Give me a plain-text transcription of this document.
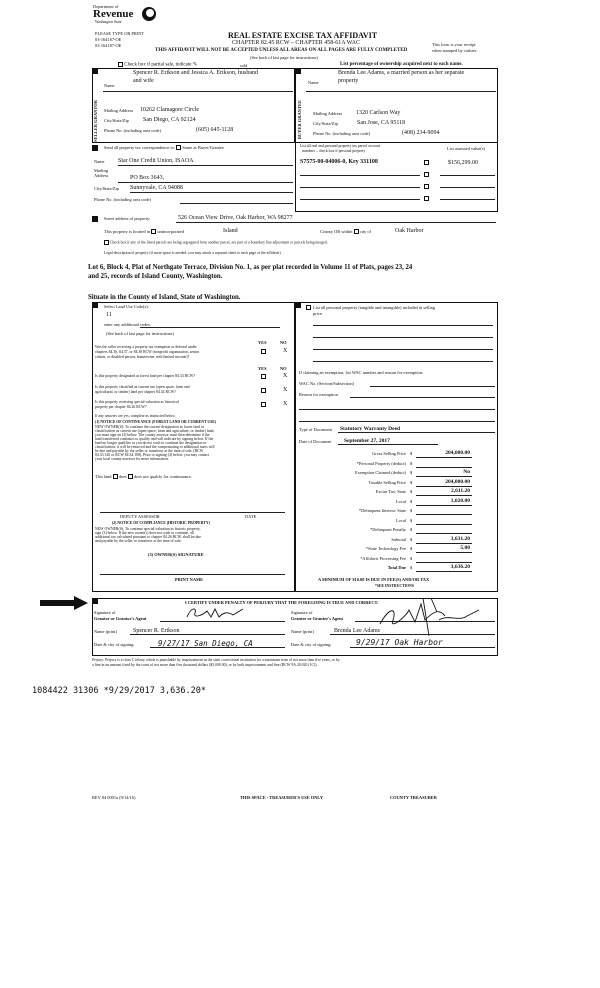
Department of
Revenue
Washington State
PLEASE TYPE OR PRINT
03-164187-OE
03-164187-OE
REAL ESTATE EXCISE TAX AFFIDAVIT
CHAPTER 82.45 RCW – CHAPTER 458-61A WAC
THIS AFFIDAVIT WILL NOT BE ACCEPTED UNLESS ALL AREAS ON ALL PAGES ARE FULLY COMPLETED
(See back of last page for instructions)
This form is your receipt
when stamped by cashier.
Check box if partial sale, indicate %	sold
SELLER GRANTOR
Name
Spencer R. Erikson and Jessica A. Erikson, husband
and wife
Mailing Address 10262 Clamagore Circle
City/State/Zip San Diego, CA 92124
Phone No. (including area code)	(605) 645-1128
List percentage of ownership acquired next to each name.
BUYER GRANTEE
Name
Brenda Lee Adams, a married person as her separate
property
Mailing Address 1320 Carlson Way
City/State/Zip	San Jose, CA 95118
Phone No. (including area code)	(408) 234-9094
Send all property tax correspondence to: Same as Buyer/Grantee
Name Star One Credit Union, ISAOA
Mailing Address	PO Box 3643,
City/State/Zip Sunnyvale, CA 94088
Phone No. (including area code)
List all real and personal property tax parcel account
numbers – check box if personal property	List assessed value(s)
S7575-00-04006-0, Key 331108	$156,299.00
Street address of property:	526 Ocean View Drive, Oak Harbor, WA 98277
This property is located in unincorporated	Island	County OR within city of	Oak Harbor
Check box if any of the listed parcels are being segregated from another parcel, are part of a boundary line adjustment or parcels being merged.
Legal description of property (if more space is needed, you may attach a separate sheet to each page of the affidavit)
Lot 6, Block 4, Plat of Northgate Terrace, Division No. 1, as per plat recorded in Volume 11 of Plats, pages 23, 24
and 25, records of Island County, Washington.
Situate in the County of Island, State of Washington.
Select Land Use Code(s):
11
enter any additional codes:
(See back of last page for instructions)
YES	NO
Was the seller receiving a property tax exemption or deferral under
chapters 84.36, 84.37, or 84.38 RCW (nonprofit organization, senior
citizen, or disabled person, homeowner with limited income)?
X
YES	NO
Is this property designated as forest land per chapter 84.33 RCW?	X
Is this property classified as current use (open space, farm and
agricultural, or timber) land per chapter 84.34 RCW?	X
Is this property receiving special valuation as historical
property per chapter 84.26 RCW?	X
If any answers are yes, complete as instructed below.
(1) NOTICE OF CONTINUANCE (FOREST LAND OR CURRENT USE)
NEW OWNER(S): To continue the current designation as forest land or
classification as current use (open space, farm and agriculture, or timber) land,
you must sign on (3) below. The county assessor must then determine if the
land transferred continues to qualify and will indicate by signing below. If the
land no longer qualifies or you do not wish to continue the designation or
classification, it will be removed and the compensating or additional taxes will
be due and payable by the seller or transferor at the time of sale. (RCW
84.33.140 or RCW 84.34.108). Prior to signing (3) below, you may contact
your local county assessor for more information.
This land does does not qualify for continuance.
DEPUTY ASSESSOR	DATE
(2) NOTICE OF COMPLIANCE (HISTORIC PROPERTY)
NEW OWNER(S): To continue special valuation as historic property,
sign (3) below. If the new owner(s) does not wish to continue, all
additional tax calculated pursuant to chapter 84.26 RCW, shall be due
and payable by the seller or transferor at the time of sale.
(3) OWNER(S) SIGNATURE
PRINT NAME
List all personal property (tangible and intangible) included in selling
price.
If claiming an exemption, list WAC number and reason for exemption:
WAC No. (Section/Subsection)
Reason for exemption
Type of Document Statutory Warranty Deed
Date of Document September 27, 2017
Gross Selling Price $	204,000.00
*Personal Property (deduct) $
Exemption Claimed (deduct) $	No
Taxable Selling Price $	204,000.00
Excise Tax: State $	2,611.20
Local $	1,020.00
*Delinquent Interest: State $
Local $
*Delinquent Penalty $
Subtotal $	3,631.20
*State Technology Fee $	5.00
*Affidavit Processing Fee $
Total Due $	3,636.20
A MINIMUM OF $10.00 IS DUE IN FEE(S) AND/OR TAX
*SEE INSTRUCTIONS
I CERTIFY UNDER PENALTY OF PERJURY THAT THE FOREGOING IS TRUE AND CORRECT.
Signature of
Grantor or Grantor's Agent
Name (print)	Spencer R. Erikson
Date & city of signing:	9/27/17 San Diego, CA
Signature of
Grantee or Grantee's Agent
Name (print)	Brenda Lee Adams
Date & city of signing:	9/29/17 Oak Harbor
Perjury: Perjury is a class C felony which is punishable by imprisonment in the state correctional institution for a maximum term of not more than five years, or by
a fine in an amount fixed by the court of not more than five thousand dollars ($5,000.00), or by both imprisonment and fine (RCW 9A.20.020 (1C)).
1084422 31306 *9/29/2017 3,636.20*
REV 84 0001a (9/14/16)	THIS SPACE - TREASURER'S USE ONLY	COUNTY TREASURER
